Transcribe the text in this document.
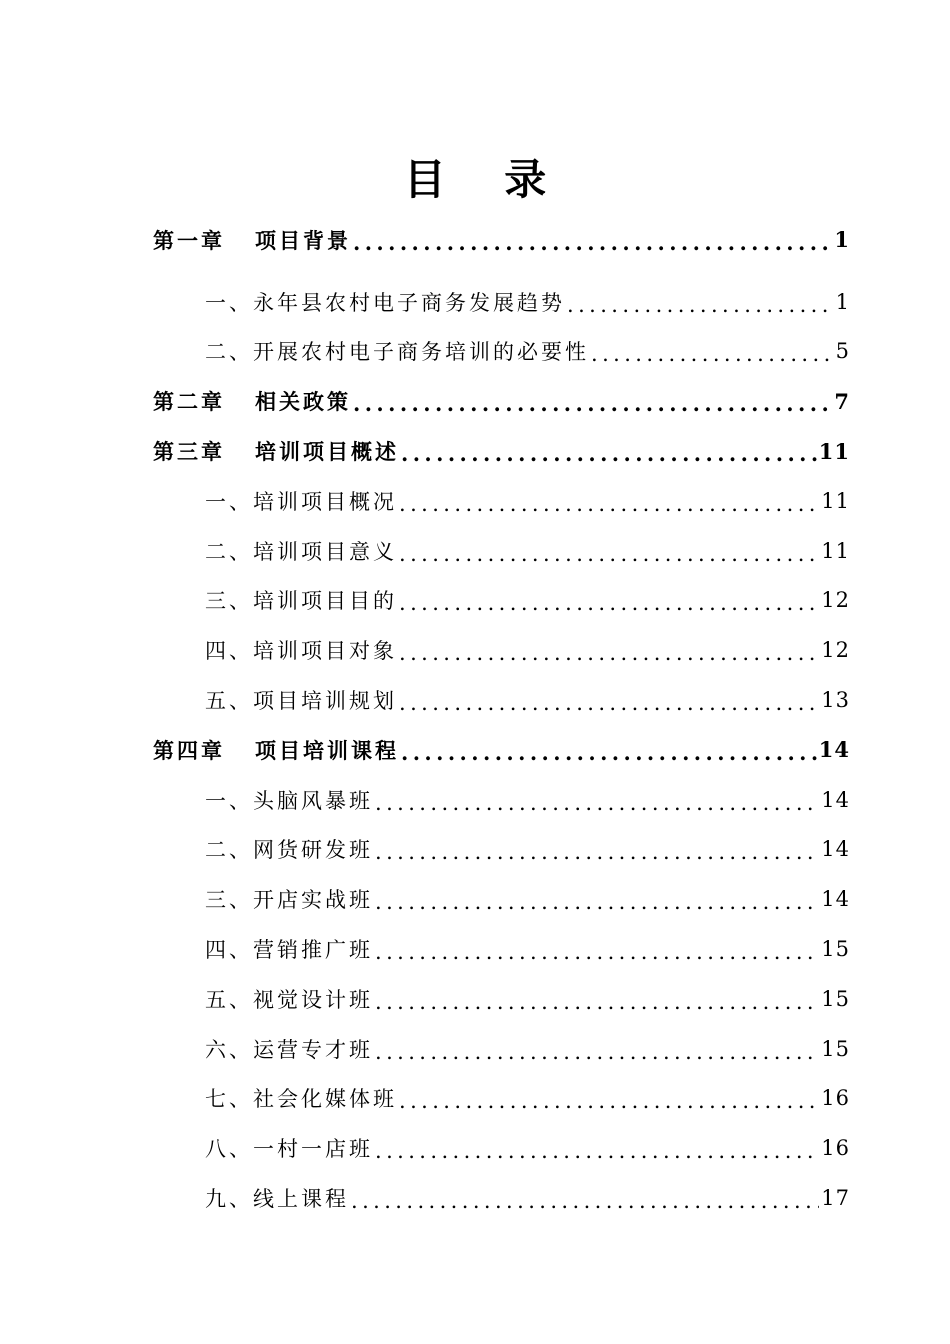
目 录
第一章	项目背景 .....	1
一、永年县农村电子商务发展趋势 .....	1
二、开展农村电子商务培训的必要性 .....	5
第二章	相关政策 .....	7
第三章	培训项目概述 .....	11
一、培训项目概况 .....	11
二、培训项目意义 .....	11
三、培训项目目的 .....	12
四、培训项目对象 .....	12
五、项目培训规划 .....	13
第四章	项目培训课程 .....	14
一、头脑风暴班 .....	14
二、网货研发班 .....	14
三、开店实战班 .....	14
四、营销推广班 .....	15
五、视觉设计班 .....	15
六、运营专才班 .....	15
七、社会化媒体班 .....	16
八、一村一店班 .....	16
九、线上课程 .....	17
